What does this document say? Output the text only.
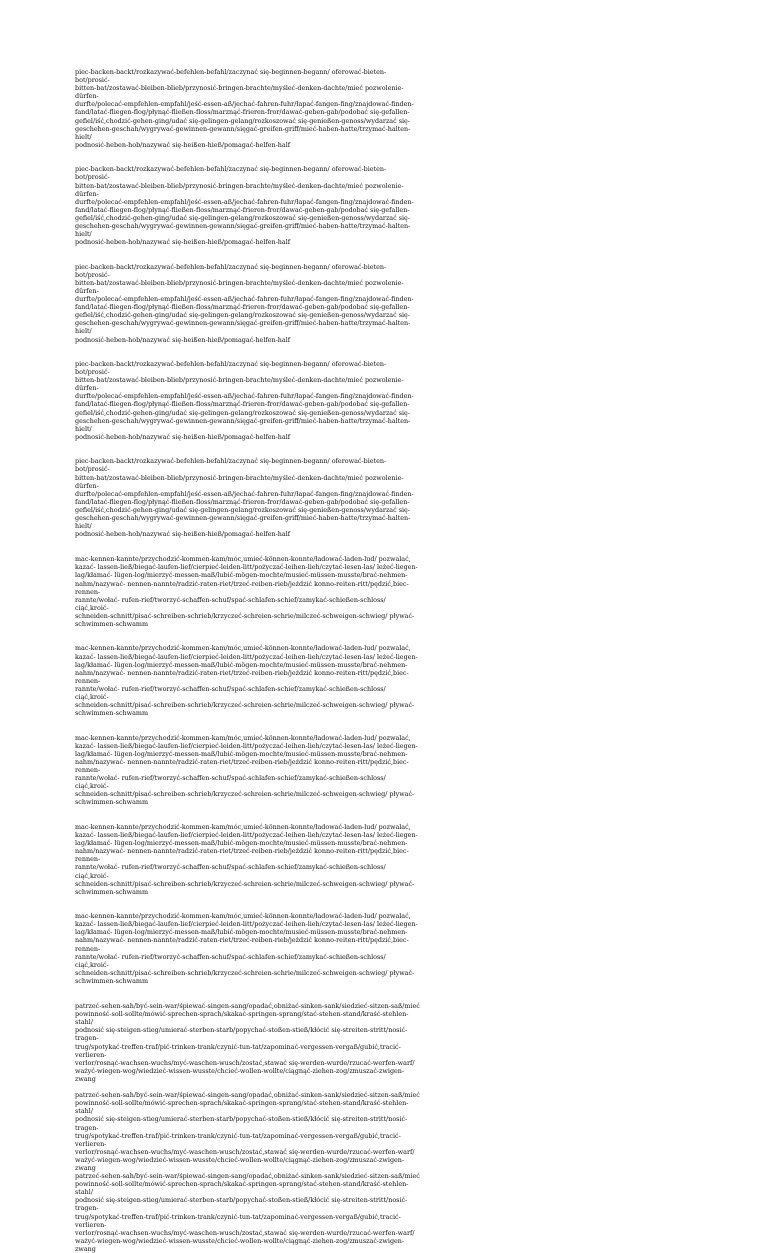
piec-backen-backt/rozkazywać-befehlen-befahl/zaczynać się-beginnen-begann/ oferować-bieten-bot/prosić-
bitten-bat/zostawać-bleiben-blieb/przynosić-bringen-brachte/myśleć-denken-dachte/mieć pozwolenie-dürfen-
durfte/polecać-empfehlen-empfahl/jeść-essen-aß/jechać-fahren-fuhr/łapać-fangen-fing/znajdować-finden-
fand/latać-fliegen-flog/płynąć-fließen-floss/marznąć-frieren-fror/dawać-geben-gab/podobać się-gefallen-
gefiel/iść,chodzić-gehen-ging/udać się-gelingen-gelang/rozkoszować się-genießen-genoss/wydarzać się-
geschehen-geschah/wygrywać-gewinnen-gewann/sięgać-greifen-griff/mieć-haben-hatte/trzymać-halten-hielt/
podnosić-heben-hob/nazywać się-heißen-hieß/pomagać-helfen-half

piec-backen-backt/rozkazywać-befehlen-befahl/zaczynać się-beginnen-begann/ oferować-bieten-bot/prosić-
bitten-bat/zostawać-bleiben-blieb/przynosić-bringen-brachte/myśleć-denken-dachte/mieć pozwolenie-dürfen-
durfte/polecać-empfehlen-empfahl/jeść-essen-aß/jechać-fahren-fuhr/łapać-fangen-fing/znajdować-finden-
fand/latać-fliegen-flog/płynąć-fließen-floss/marznąć-frieren-fror/dawać-geben-gab/podobać się-gefallen-
gefiel/iść,chodzić-gehen-ging/udać się-gelingen-gelang/rozkoszować się-genießen-genoss/wydarzać się-
geschehen-geschah/wygrywać-gewinnen-gewann/sięgać-greifen-griff/mieć-haben-hatte/trzymać-halten-hielt/
podnosić-heben-hob/nazywać się-heißen-hieß/pomagać-helfen-half

piec-backen-backt/rozkazywać-befehlen-befahl/zaczynać się-beginnen-begann/ oferować-bieten-bot/prosić-
bitten-bat/zostawać-bleiben-blieb/przynosić-bringen-brachte/myśleć-denken-dachte/mieć pozwolenie-dürfen-
durfte/polecać-empfehlen-empfahl/jeść-essen-aß/jechać-fahren-fuhr/łapać-fangen-fing/znajdować-finden-
fand/latać-fliegen-flog/płynąć-fließen-floss/marznąć-frieren-fror/dawać-geben-gab/podobać się-gefallen-
gefiel/iść,chodzić-gehen-ging/udać się-gelingen-gelang/rozkoszować się-genießen-genoss/wydarzać się-
geschehen-geschah/wygrywać-gewinnen-gewann/sięgać-greifen-griff/mieć-haben-hatte/trzymać-halten-hielt/
podnosić-heben-hob/nazywać się-heißen-hieß/pomagać-helfen-half

piec-backen-backt/rozkazywać-befehlen-befahl/zaczynać się-beginnen-begann/ oferować-bieten-bot/prosić-
bitten-bat/zostawać-bleiben-blieb/przynosić-bringen-brachte/myśleć-denken-dachte/mieć pozwolenie-dürfen-
durfte/polecać-empfehlen-empfahl/jeść-essen-aß/jechać-fahren-fuhr/łapać-fangen-fing/znajdować-finden-
fand/latać-fliegen-flog/płynąć-fließen-floss/marznąć-frieren-fror/dawać-geben-gab/podobać się-gefallen-
gefiel/iść,chodzić-gehen-ging/udać się-gelingen-gelang/rozkoszować się-genießen-genoss/wydarzać się-
geschehen-geschah/wygrywać-gewinnen-gewann/sięgać-greifen-griff/mieć-haben-hatte/trzymać-halten-hielt/
podnosić-heben-hob/nazywać się-heißen-hieß/pomagać-helfen-half

piec-backen-backt/rozkazywać-befehlen-befahl/zaczynać się-beginnen-begann/ oferować-bieten-bot/prosić-
bitten-bat/zostawać-bleiben-blieb/przynosić-bringen-brachte/myśleć-denken-dachte/mieć pozwolenie-dürfen-
durfte/polecać-empfehlen-empfahl/jeść-essen-aß/jechać-fahren-fuhr/łapać-fangen-fing/znajdować-finden-
fand/latać-fliegen-flog/płynąć-fließen-floss/marznąć-frieren-fror/dawać-geben-gab/podobać się-gefallen-
gefiel/iść,chodzić-gehen-ging/udać się-gelingen-gelang/rozkoszować się-genießen-genoss/wydarzać się-
geschehen-geschah/wygrywać-gewinnen-gewann/sięgać-greifen-griff/mieć-haben-hatte/trzymać-halten-hielt/
podnosić-heben-hob/nazywać się-heißen-hieß/pomagać-helfen-half

mac-kennen-kannte/przychodzić-kommen-kam/móc,umieć-können-konnte/ładować-laden-lud/ pozwalać,
kazać- lassen-ließ/biegać-laufen-lief/cierpieć-leiden-litt/pożyczać-leihen-lieh/czytać-lesen-las/ leżeć-liegen-
lag/kłamać- lügen-log/mierzyć-messen-maß/lubić-mögen-mochte/musieć-müssen-musste/brać-nehmen-
nahm/nazywać- nennen-nannte/radzić-raten-riet/trzeć-reiben-rieb/jeździć konno-reiten-ritt/pędzić,biec-rennen-
rannte/wołać- rufen-rief/tworzyć-schaffen-schuf/spać-schlafen-schief/zamykać-schießen-schloss/ ciąć,kroić-
schneiden-schnitt/pisać-schreiben-schrieb/krzyczeć-schreien-schrie/milczeć-schweigen-schwieg/ pływać-
schwimmen-schwamm

mac-kennen-kannte/przychodzić-kommen-kam/móc,umieć-können-konnte/ładować-laden-lud/ pozwalać,
kazać- lassen-ließ/biegać-laufen-lief/cierpieć-leiden-litt/pożyczać-leihen-lieh/czytać-lesen-las/ leżeć-liegen-
lag/kłamać- lügen-log/mierzyć-messen-maß/lubić-mögen-mochte/musieć-müssen-musste/brać-nehmen-
nahm/nazywać- nennen-nannte/radzić-raten-riet/trzeć-reiben-rieb/jeździć konno-reiten-ritt/pędzić,biec-rennen-
rannte/wołać- rufen-rief/tworzyć-schaffen-schuf/spać-schlafen-schief/zamykać-schießen-schloss/ ciąć,kroić-
schneiden-schnitt/pisać-schreiben-schrieb/krzyczeć-schreien-schrie/milczeć-schweigen-schwieg/ pływać-
schwimmen-schwamm

mac-kennen-kannte/przychodzić-kommen-kam/móc,umieć-können-konnte/ładować-laden-lud/ pozwalać,
kazać- lassen-ließ/biegać-laufen-lief/cierpieć-leiden-litt/pożyczać-leihen-lieh/czytać-lesen-las/ leżeć-liegen-
lag/kłamać- lügen-log/mierzyć-messen-maß/lubić-mögen-mochte/musieć-müssen-musste/brać-nehmen-
nahm/nazywać- nennen-nannte/radzić-raten-riet/trzeć-reiben-rieb/jeździć konno-reiten-ritt/pędzić,biec-rennen-
rannte/wołać- rufen-rief/tworzyć-schaffen-schuf/spać-schlafen-schief/zamykać-schießen-schloss/ ciąć,kroić-
schneiden-schnitt/pisać-schreiben-schrieb/krzyczeć-schreien-schrie/milczeć-schweigen-schwieg/ pływać-
schwimmen-schwamm

mac-kennen-kannte/przychodzić-kommen-kam/móc,umieć-können-konnte/ładować-laden-lud/ pozwalać,
kazać- lassen-ließ/biegać-laufen-lief/cierpieć-leiden-litt/pożyczać-leihen-lieh/czytać-lesen-las/ leżeć-liegen-
lag/kłamać- lügen-log/mierzyć-messen-maß/lubić-mögen-mochte/musieć-müssen-musste/brać-nehmen-
nahm/nazywać- nennen-nannte/radzić-raten-riet/trzeć-reiben-rieb/jeździć konno-reiten-ritt/pędzić,biec-rennen-
rannte/wołać- rufen-rief/tworzyć-schaffen-schuf/spać-schlafen-schief/zamykać-schießen-schloss/ ciąć,kroić-
schneiden-schnitt/pisać-schreiben-schrieb/krzyczeć-schreien-schrie/milczeć-schweigen-schwieg/ pływać-
schwimmen-schwamm

mac-kennen-kannte/przychodzić-kommen-kam/móc,umieć-können-konnte/ładować-laden-lud/ pozwalać,
kazać- lassen-ließ/biegać-laufen-lief/cierpieć-leiden-litt/pożyczać-leihen-lieh/czytać-lesen-las/ leżeć-liegen-
lag/kłamać- lügen-log/mierzyć-messen-maß/lubić-mögen-mochte/musieć-müssen-musste/brać-nehmen-
nahm/nazywać- nennen-nannte/radzić-raten-riet/trzeć-reiben-rieb/jeździć konno-reiten-ritt/pędzić,biec-rennen-
rannte/wołać- rufen-rief/tworzyć-schaffen-schuf/spać-schlafen-schief/zamykać-schießen-schloss/ ciąć,kroić-
schneiden-schnitt/pisać-schreiben-schrieb/krzyczeć-schreien-schrie/milczeć-schweigen-schwieg/ pływać-
schwimmen-schwamm

patrzeć-sehen-sah/być-sein-war/śpiewać-singen-sang/opadać,obniżać-sinken-sank/siedzieć-sitzen-saß/mieć
powinność-soll-sollte/mówić-sprechen-sprach/skakać-springen-sprang/stać-stehen-stand/kraść-stehlen-stahl/
podnosić się-steigen-stieg/umierać-sterben-starb/popychać-stoßen-stieß/kłócić się-streiten-stritt/nosić-tragen-
trug/spotykać-treffen-traf/pić-trinken-trank/czynić-tun-tat/zapominać-vergessen-vergaß/gubić,tracić-verlieren-
verlor/rosnąć-wachsen-wuchs/myć-waschen-wusch/zostać,stawać się-werden-wurde/rzucać-werfen-warf/
ważyć-wiegen-wog/wiedzieć-wissen-wusste/chcieć-wollen-wollte/ciągnąć-ziehen-zog/zmuszać-zwigen-zwang

patrzeć-sehen-sah/być-sein-war/śpiewać-singen-sang/opadać,obniżać-sinken-sank/siedzieć-sitzen-saß/mieć
powinność-soll-sollte/mówić-sprechen-sprach/skakać-springen-sprang/stać-stehen-stand/kraść-stehlen-stahl/
podnosić się-steigen-stieg/umierać-sterben-starb/popychać-stoßen-stieß/kłócić się-streiten-stritt/nosić-tragen-
trug/spotykać-treffen-traf/pić-trinken-trank/czynić-tun-tat/zapominać-vergessen-vergaß/gubić,tracić-verlieren-
verlor/rosnąć-wachsen-wuchs/myć-waschen-wusch/zostać,stawać się-werden-wurde/rzucać-werfen-warf/
ważyć-wiegen-wog/wiedzieć-wissen-wusste/chcieć-wollen-wollte/ciągnąć-ziehen-zog/zmuszać-zwigen-zwang

patrzeć-sehen-sah/być-sein-war/śpiewać-singen-sang/opadać,obniżać-sinken-sank/siedzieć-sitzen-saß/mieć
powinność-soll-sollte/mówić-sprechen-sprach/skakać-springen-sprang/stać-stehen-stand/kraść-stehlen-stahl/
podnosić się-steigen-stieg/umierać-sterben-starb/popychać-stoßen-stieß/kłócić się-streiten-stritt/nosić-tragen-
trug/spotykać-treffen-traf/pić-trinken-trank/czynić-tun-tat/zapominać-vergessen-vergaß/gubić,tracić-verlieren-
verlor/rosnąć-wachsen-wuchs/myć-waschen-wusch/zostać,stawać się-werden-wurde/rzucać-werfen-warf/
ważyć-wiegen-wog/wiedzieć-wissen-wusste/chcieć-wollen-wollte/ciągnąć-ziehen-zog/zmuszać-zwigen-zwang
